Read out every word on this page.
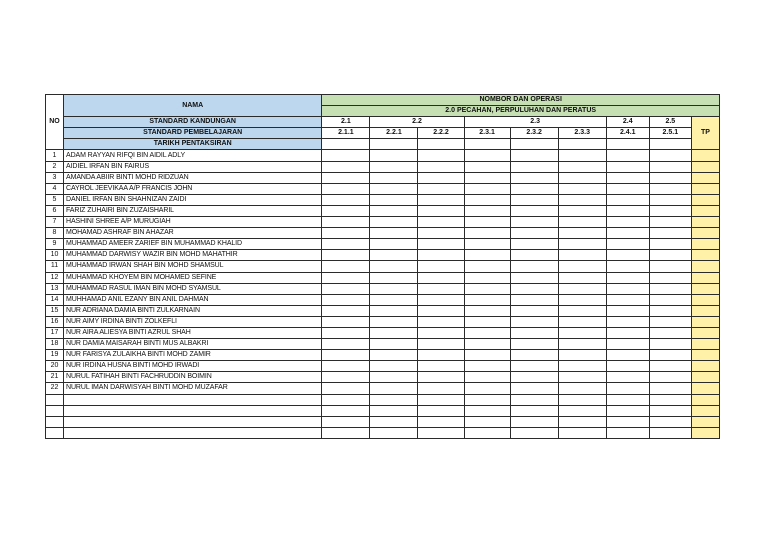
NO	NAMA	NOMBOR DAN OPERASI								
		2.0 PECAHAN, PERPULUHAN DAN PERATUS								
	STANDARD KANDUNGAN	2.1	2.2		2.3			2.4	2.5	TP
	STANDARD PEMBELAJARAN	2.1.1	2.2.1	2.2.2	2.3.1	2.3.2	2.3.3	2.4.1	2.5.1	
	TARIKH PENTAKSIRAN									
1	ADAM RAYYAN RIFQI BIN AIDIL ADLY									
2	AIDIEL IRFAN BIN FAIRUS									
3	AMANDA ABIIR BINTI MOHD RIDZUAN									
4	CAYROL JEEVIKAA A/P FRANCIS JOHN									
5	DANIEL IRFAN BIN SHAHNIZAN ZAIDI									
6	FARIZ ZUHAIRI BIN ZUZAISHARIL									
7	HASHINI SHREE A/P MURUGIAH									
8	MOHAMAD ASHRAF BIN AHAZAR									
9	MUHAMMAD AMEER ZARIEF BIN MUHAMMAD KHALID									
10	MUHAMMAD DARWISY WAZIR BIN MOHD MAHATHIR									
11	MUHAMMAD IRWAN SHAH BIN MOHD SHAMSUL									
12	MUHAMMAD KHOYEM BIN MOHAMED SEFINE									
13	MUHAMMAD RASUL IMAN BIN MOHD SYAMSUL									
14	MUHHAMAD ANIL EZANY BIN ANIL DAHMAN									
15	NUR ADRIANA DAMIA BINTI ZULKARNAIN									
16	NUR AIMY IRDINA BINTI ZOLKEFLI									
17	NUR AIRA ALIESYA BINTI AZRUL SHAH									
18	NUR DAMIA MAISARAH BINTI MUS ALBAKRI									
19	NUR FARISYA ZULAIKHA BINTI MOHD ZAMIR									
20	NUR IRDINA HUSNA BINTI MOHD IRWADI									
21	NURUL FATIHAH BINTI FACHRUDDIN BOIMIN									
22	NURUL IMAN DARWISYAH BINTI MOHD MUZAFAR									
